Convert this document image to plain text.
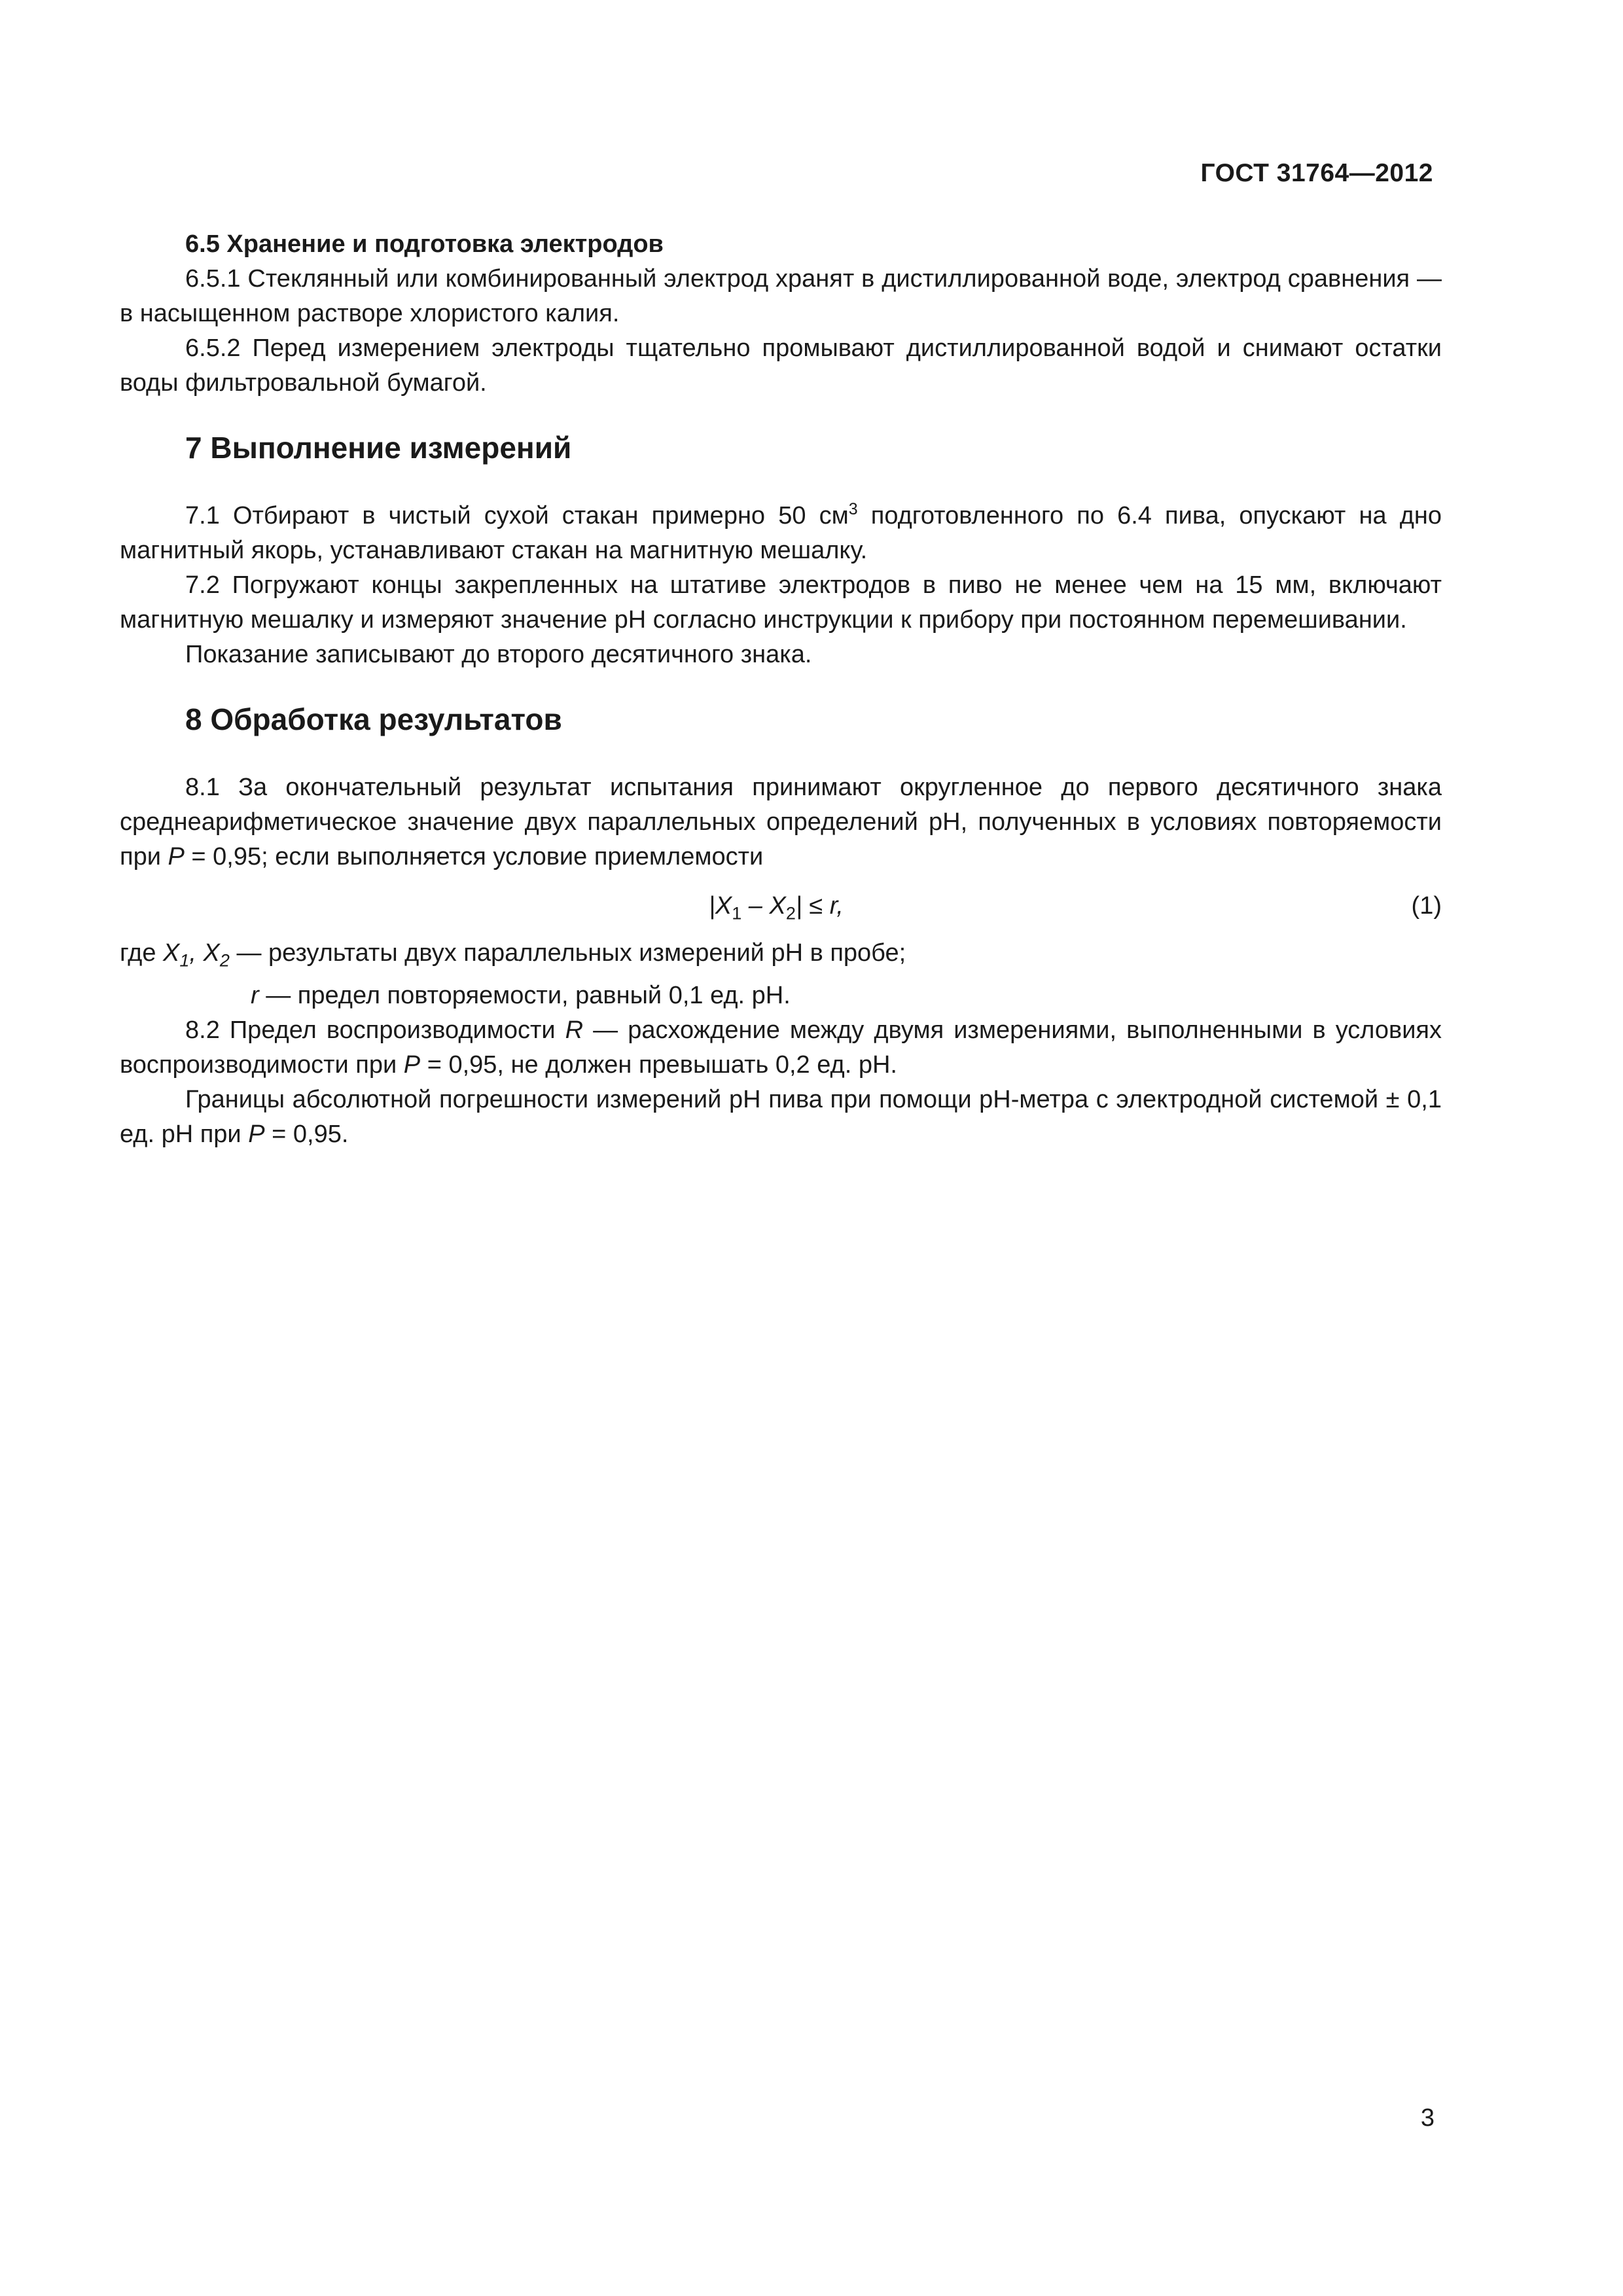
ГОСТ 31764—2012

6.5 Хранение и подготовка электродов

6.5.1 Стеклянный или комбинированный электрод хранят в дистиллированной воде, электрод сравнения — в насыщенном растворе хлористого калия.

6.5.2 Перед измерением электроды тщательно промывают дистиллированной водой и снимают остатки воды фильтровальной бумагой.

7 Выполнение измерений

7.1 Отбирают в чистый сухой стакан примерно 50 $см^3$ подготовленного по 6.4 пива, опускают на дно магнитный якорь, устанавливают стакан на магнитную мешалку.

7.2 Погружают концы закрепленных на штативе электродов в пиво не менее чем на 15 мм, включают магнитную мешалку и измеряют значение рН согласно инструкции к прибору при постоянном перемешивании.

Показание записывают до второго десятичного знака.

8 Обработка результатов

8.1 За окончательный результат испытания принимают округленное до первого десятичного знака среднеарифметическое значение двух параллельных определений рН, полученных в условиях повторяемости при P = 0,95; если выполняется условие приемлемости

$|X_1 - X_2| \le r$,	(1)

где $X_1$, $X_2$ — результаты двух параллельных измерений рН в пробе;

r — предел повторяемости, равный 0,1 ед. рН.

8.2 Предел воспроизводимости R — расхождение между двумя измерениями, выполненными в условиях воспроизводимости при P = 0,95, не должен превышать 0,2 ед. рН.

Границы абсолютной погрешности измерений рН пива при помощи рН-метра с электродной системой ± 0,1 ед. рН при P = 0,95.

3
